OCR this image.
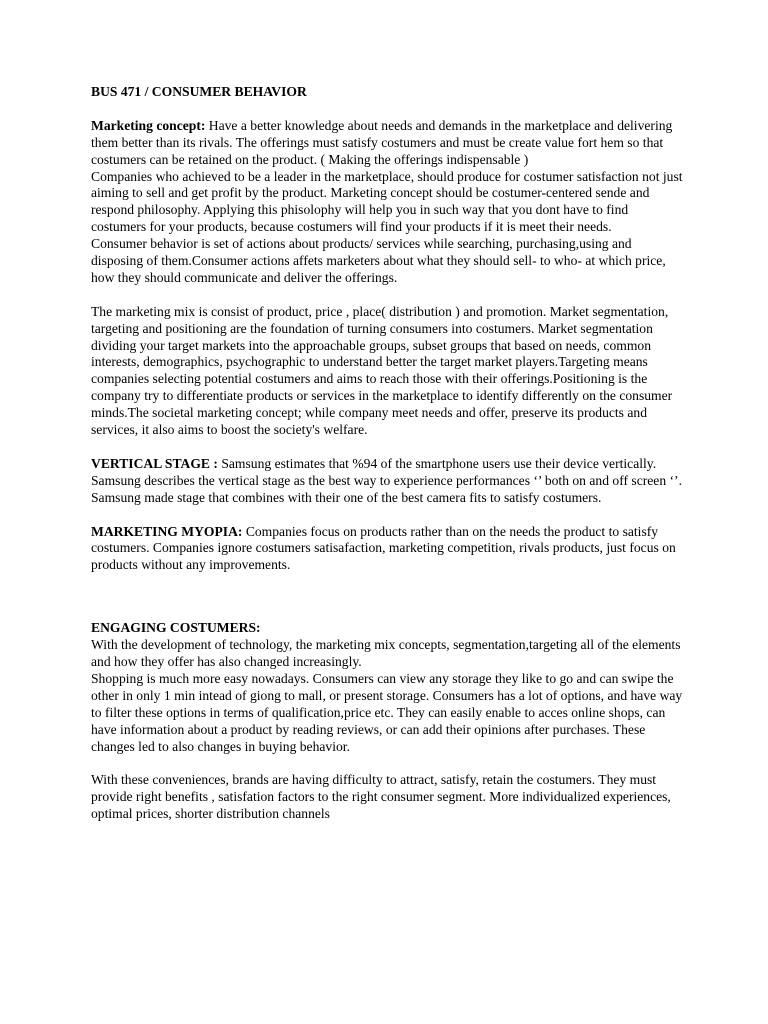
BUS 471 / CONSUMER BEHAVIOR

Marketing concept: Have a better knowledge about needs and demands in the marketplace and delivering them better than its rivals. The offerings must satisfy costumers and must be create value fort hem so that costumers can be retained on the product. ( Making the offerings indispensable )

Companies who achieved to be a leader in the marketplace, should produce for costumer satisfaction not just aiming to sell and get profit by the product. Marketing concept should be costumer-centered sende and respond philosophy. Applying this phisolophy will help you in such way that you dont have to find costumers for your products, because costumers will find your products if it is meet their needs.

Consumer behavior is set of actions about products/ services while searching, purchasing,using and disposing of them.Consumer actions affets marketers about what they should sell- to who- at which price, how they should communicate and deliver the offerings.

The marketing mix is consist of product, price , place( distribution ) and promotion. Market segmentation, targeting and positioning are the foundation of turning consumers into costumers. Market segmentation dividing your target markets into the approachable groups, subset groups that based on needs, common interests, demographics, psychographic to understand better the target market players.Targeting means companies selecting potential costumers and aims to reach those with their offerings.Positioning is the company try to differentiate products or services in the marketplace to identify differently on the consumer minds.The societal marketing concept; while company meet needs and offer, preserve its products and services, it also aims to boost the society's welfare.

VERTICAL STAGE : Samsung estimates that %94 of the smartphone users use their device vertically. Samsung describes the vertical stage as the best way to experience performances ‘’ both on and off screen ‘’.

Samsung made stage that combines with their one of the best camera fits to satisfy costumers.

MARKETING MYOPIA: Companies focus on products rather than on the needs the product to satisfy costumers. Companies ignore costumers satisafaction, marketing competition, rivals products, just focus on products without any improvements.

ENGAGING COSTUMERS:

With the development of technology, the marketing mix concepts, segmentation,targeting all of the elements and how they offer has also changed increasingly.

Shopping is much more easy nowadays. Consumers can view any storage they like to go and can swipe the other in only 1 min intead of giong to mall, or present storage. Consumers has a lot of options, and have way to filter these options in terms of qualification,price etc. They can easily enable to acces online shops, can have information about a product by reading reviews, or can add their opinions after purchases. These changes led to also changes in buying behavior.

With these conveniences, brands are having difficulty to attract, satisfy, retain the costumers. They must provide right benefits , satisfation factors to the right consumer segment. More individualized experiences, optimal prices, shorter distribution channels
